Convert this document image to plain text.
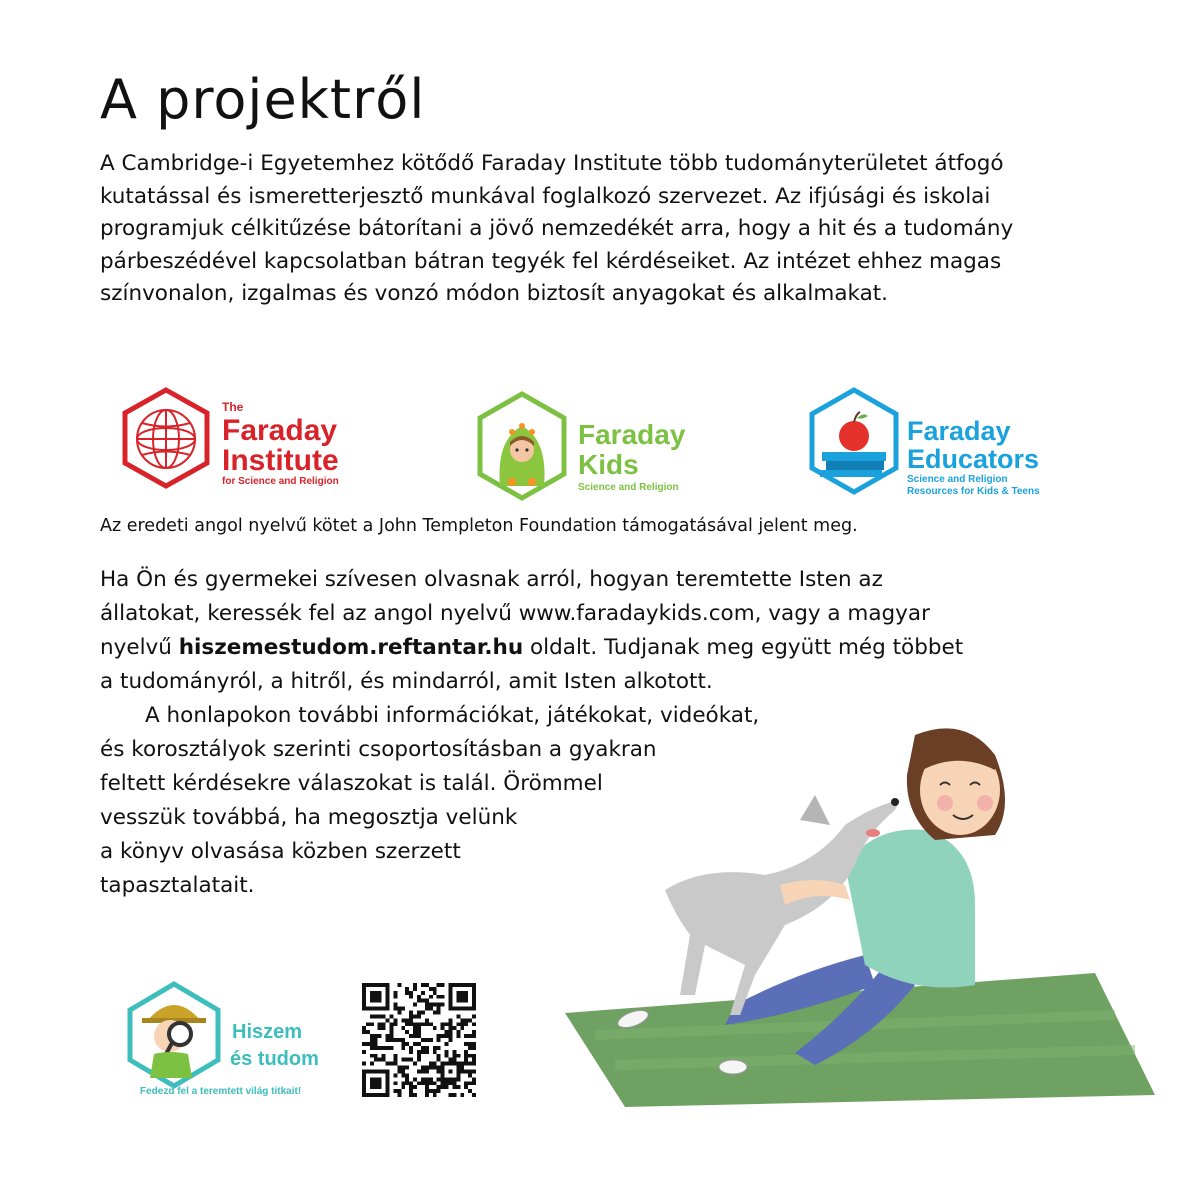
A projektről

A Cambridge-i Egyetemhez kötődő Faraday Institute több tudományterületet átfogó kutatással és ismeretterjesztő munkával foglalkozó szervezet. Az ifjúsági és iskolai programjuk célkitűzése bátorítani a jövő nemzedékét arra, hogy a hit és a tudomány párbeszédével kapcsolatban bátran tegyék fel kérdéseiket. Az intézet ehhez magas színvonalon, izgalmas és vonzó módon biztosít anyagokat és alkalmakat.

The
Faraday
Institute
for Science and Religion
Faraday
Kids
Science and Religion
Faraday
Educators
Science and Religion
Resources for Kids & Teens

Az eredeti angol nyelvű kötet a John Templeton Foundation támogatásával jelent meg.

Ha Ön és gyermekei szívesen olvasnak arról, hogyan teremtette Isten az állatokat, keressék fel az angol nyelvű www.faradaykids.com, vagy a magyar nyelvű hiszemestudom.reftantar.hu oldalt. Tudjanak meg együtt még többet a tudományról, a hitről, és mindarról, amit Isten alkotott.

A honlapokon további információkat, játékokat, videókat,
és korosztályok szerinti csoportosításban a gyakran
feltett kérdésekre válaszokat is talál. Örömmel
vesszük továbbá, ha megosztja velünk
a könyv olvasása közben szerzett
tapasztalatait.
Hiszem
és tudom
Fedezd fel a teremtett világ titkait!
